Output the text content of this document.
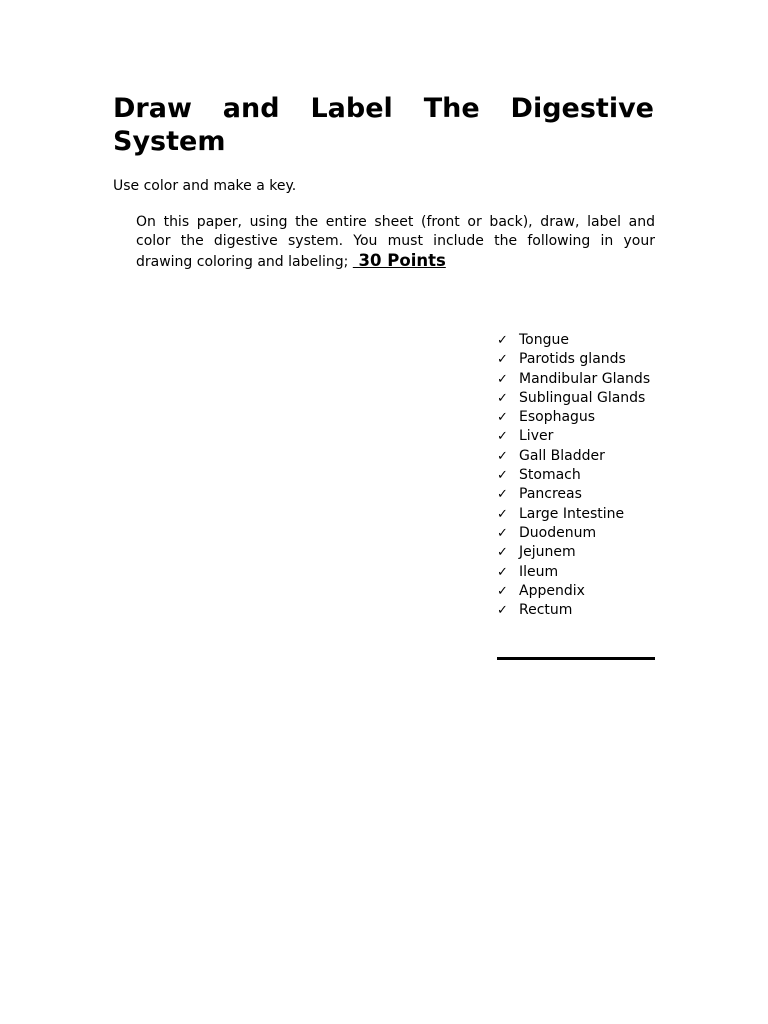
Draw and Label The Digestive System

Use color and make a key.

On this paper, using the entire sheet (front or back), draw, label and color the digestive system. You must include the following in your drawing coloring and labeling;  30 Points

✓ Tongue
✓ Parotids glands
✓ Mandibular Glands
✓ Sublingual Glands
✓ Esophagus
✓ Liver
✓ Gall Bladder
✓ Stomach
✓ Pancreas
✓ Large Intestine
✓ Duodenum
✓ Jejunem
✓ Ileum
✓ Appendix
✓ Rectum
